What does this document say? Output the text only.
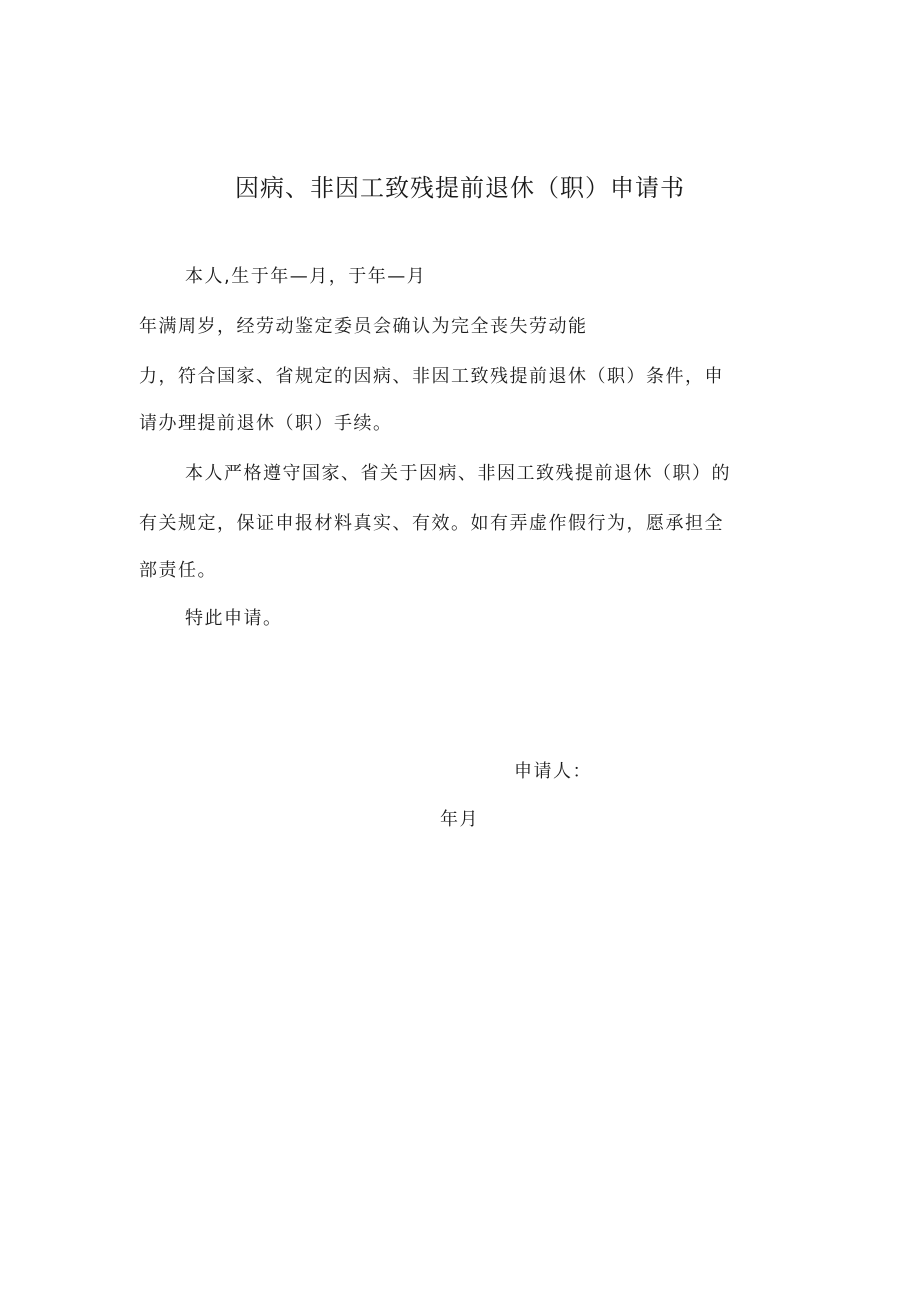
因病、非因工致残提前退休（职）申请书
本人,生于年—月，于年—月
年满周岁，经劳动鉴定委员会确认为完全丧失劳动能
力，符合国家、省规定的因病、非因工致残提前退休（职）条件，申
请办理提前退休（职）手续。
本人严格遵守国家、省关于因病、非因工致残提前退休（职）的
有关规定，保证申报材料真实、有效。如有弄虚作假行为，愿承担全
部责任。
特此申请。
申请人：
年月
